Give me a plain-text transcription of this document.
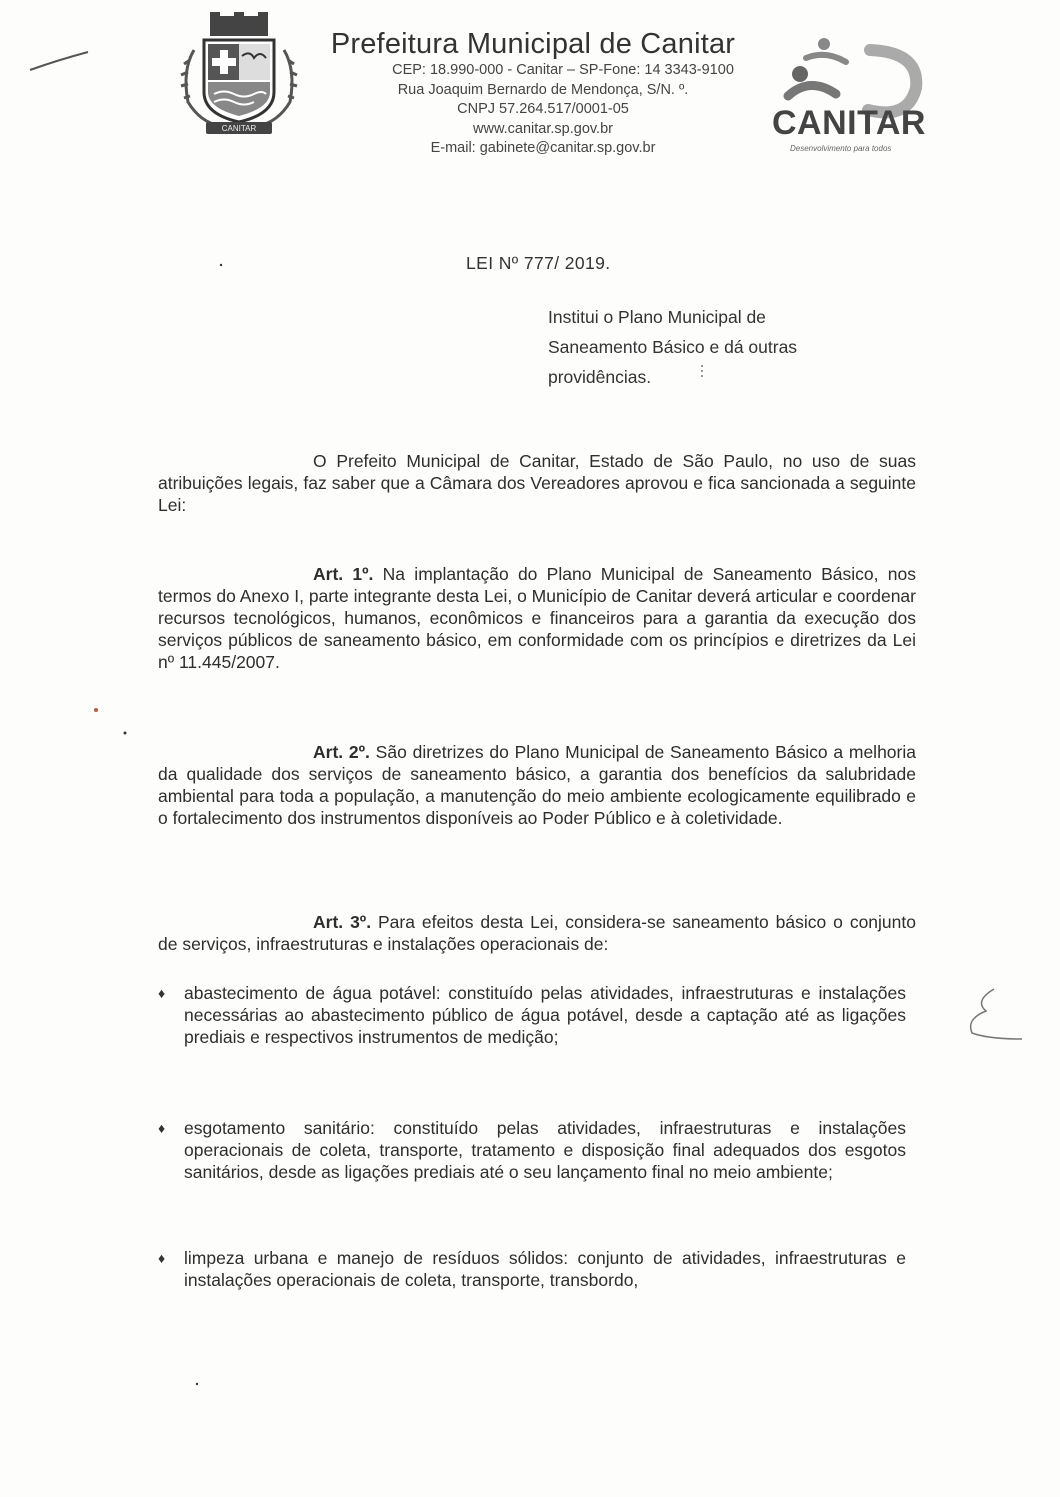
CANITAR
Prefeitura Municipal de Canitar
CEP: 18.990-000 - Canitar – SP-Fone: 14 3343-9100
Rua Joaquim Bernardo de Mendonça, S/N. º.
CNPJ 57.264.517/0001-05
www.canitar.sp.gov.br
E-mail: gabinete@canitar.sp.gov.br
CANITAR
Desenvolvimento para todos
LEI Nº 777/ 2019.
Institui o Plano Municipal de Saneamento Básico e dá outras providências.
O Prefeito Municipal de Canitar, Estado de São Paulo, no uso de suas atribuições legais, faz saber que a Câmara dos Vereadores aprovou e fica sancionada a seguinte Lei:
Art. 1º. Na implantação do Plano Municipal de Saneamento Básico, nos termos do Anexo I, parte integrante desta Lei, o Município de Canitar deverá articular e coordenar recursos tecnológicos, humanos, econômicos e financeiros para a garantia da execução dos serviços públicos de saneamento básico, em conformidade com os princípios e diretrizes da Lei nº 11.445/2007.
Art. 2º. São diretrizes do Plano Municipal de Saneamento Básico a melhoria da qualidade dos serviços de saneamento básico, a garantia dos benefícios da salubridade ambiental para toda a população, a manutenção do meio ambiente ecologicamente equilibrado e o fortalecimento dos instrumentos disponíveis ao Poder Público e à coletividade.
Art. 3º. Para efeitos desta Lei, considera-se saneamento básico o conjunto de serviços, infraestruturas e instalações operacionais de:
♦ abastecimento de água potável: constituído pelas atividades, infraestruturas e instalações necessárias ao abastecimento público de água potável, desde a captação até as ligações prediais e respectivos instrumentos de medição;
♦ esgotamento sanitário: constituído pelas atividades, infraestruturas e instalações operacionais de coleta, transporte, tratamento e disposição final adequados dos esgotos sanitários, desde as ligações prediais até o seu lançamento final no meio ambiente;
♦ limpeza urbana e manejo de resíduos sólidos: conjunto de atividades, infraestruturas e instalações operacionais de coleta, transporte, transbordo,
